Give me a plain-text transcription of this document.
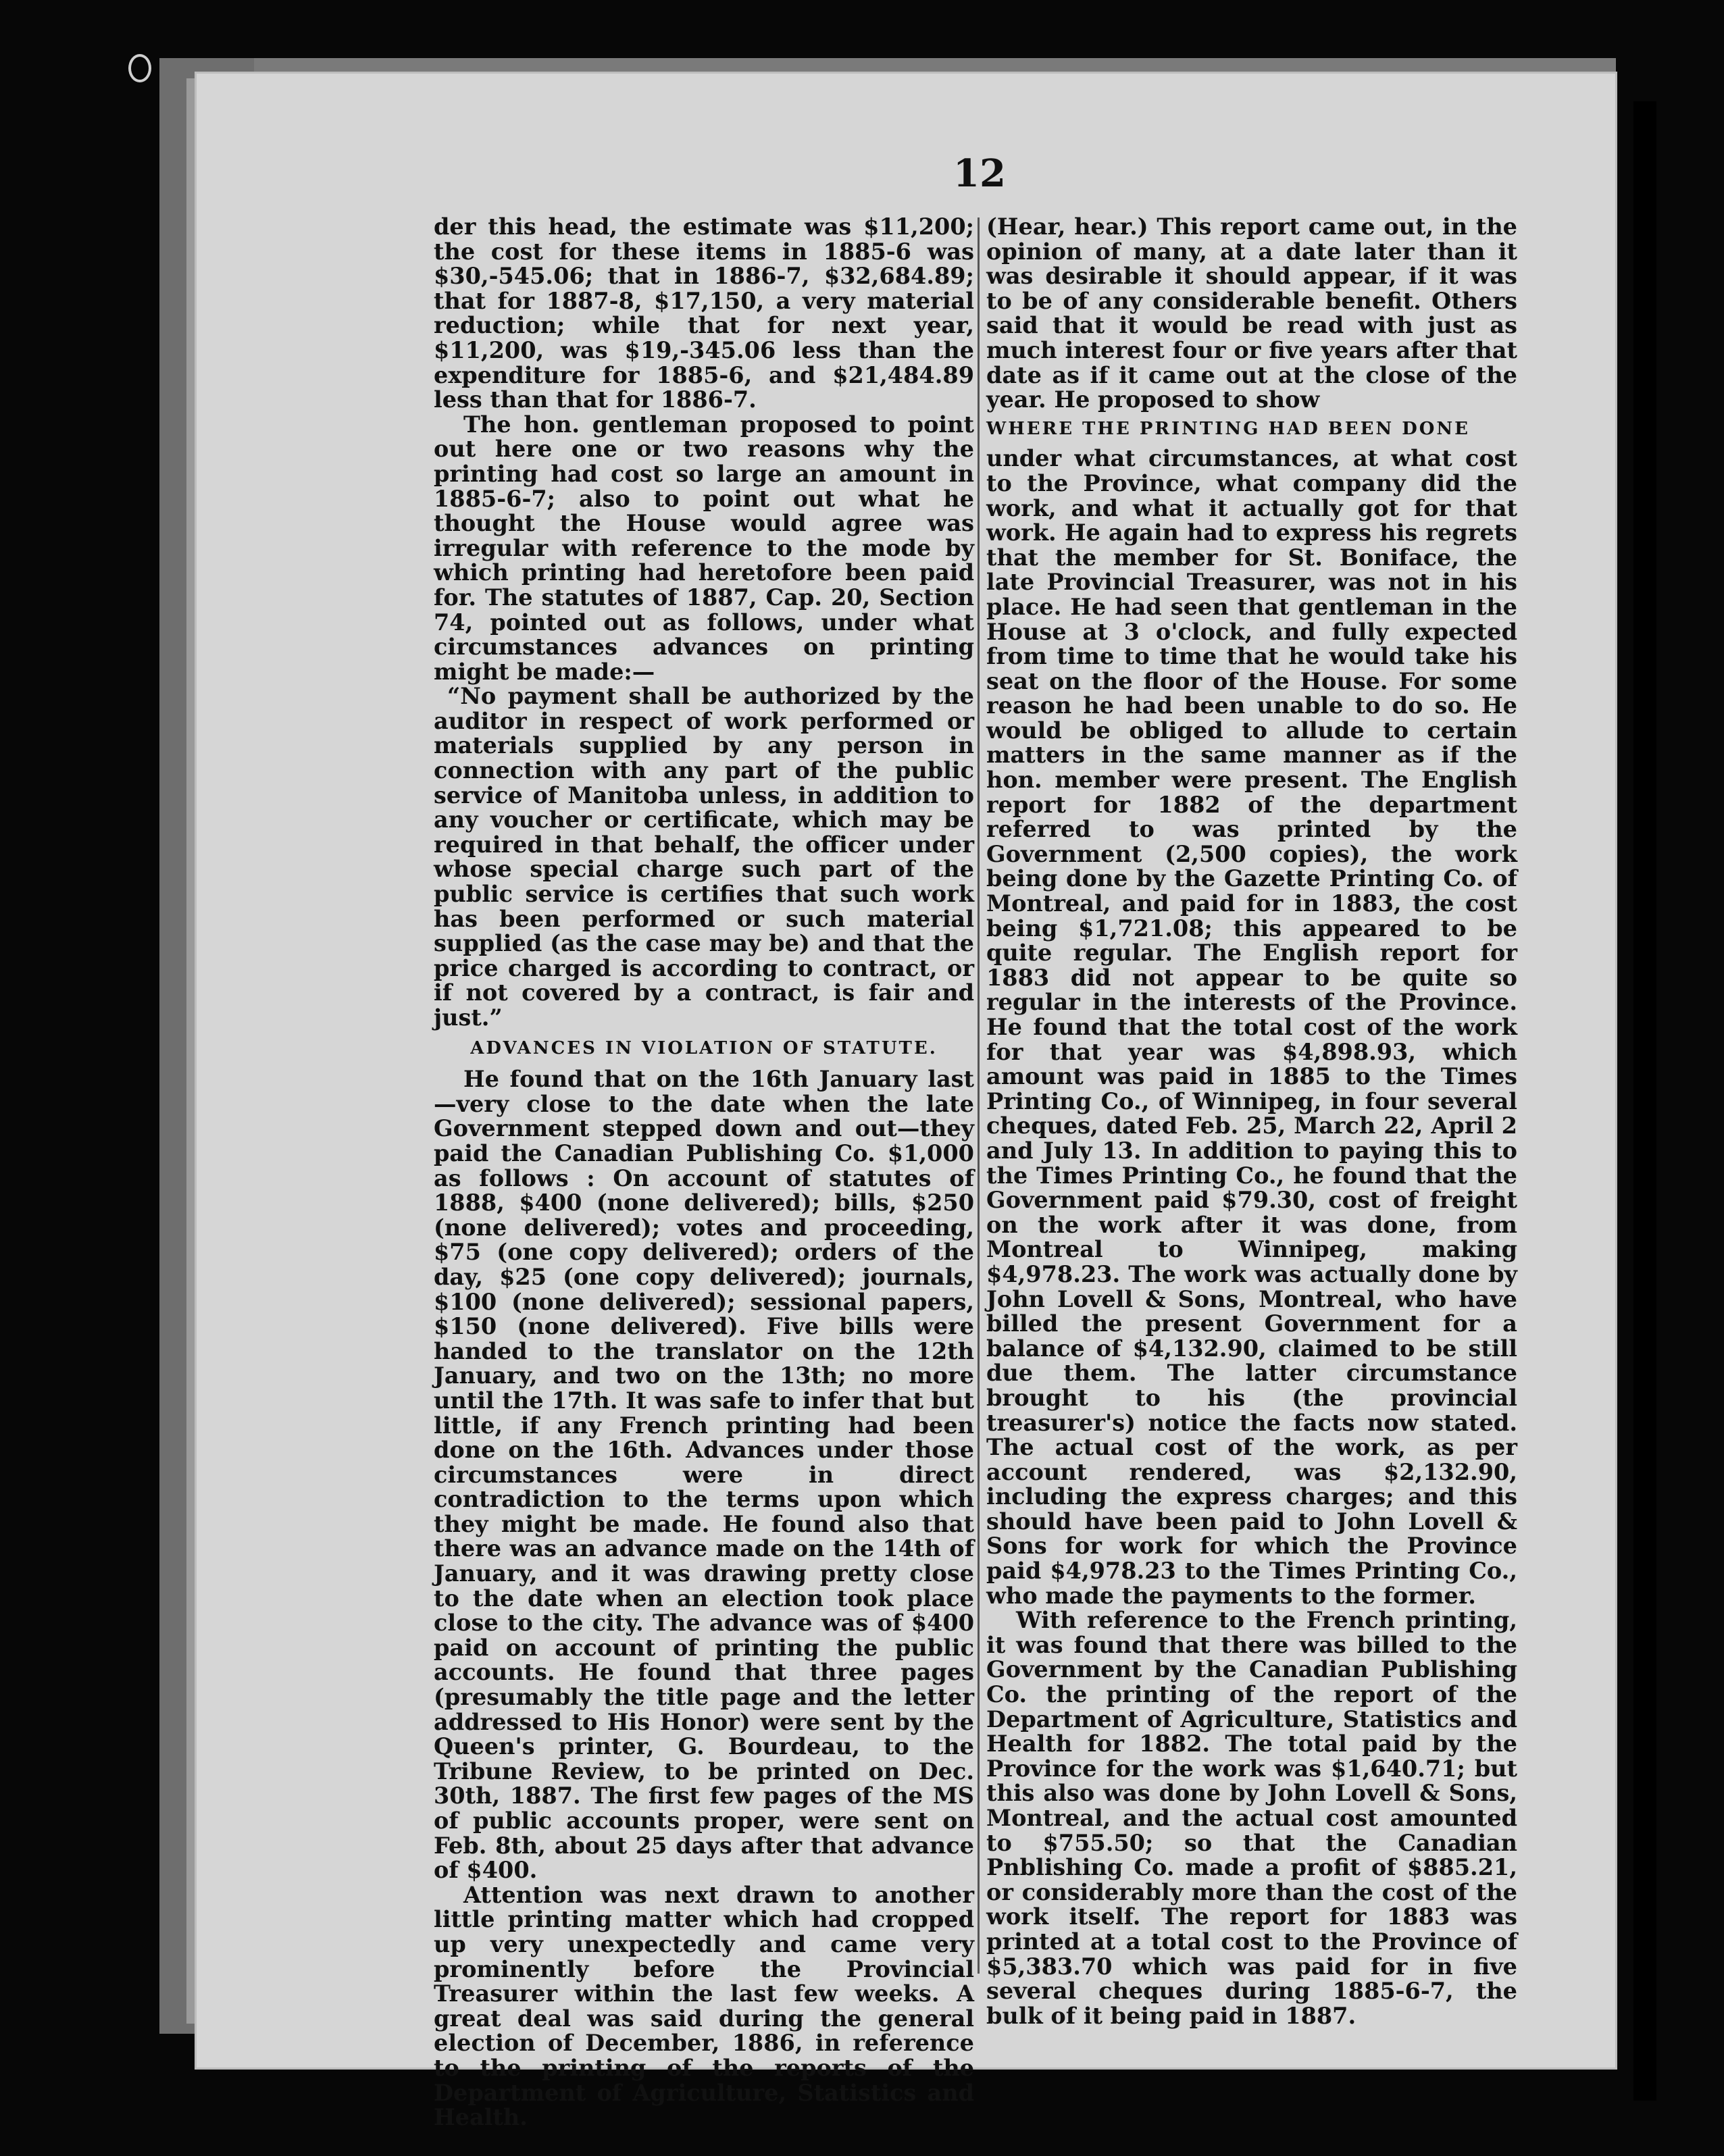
12

der this head, the estimate was $11,200; the cost for these items in 1885-6 was $30,-545.06; that in 1886-7, $32,684.89; that for 1887-8, $17,150, a very material reduction; while that for next year, $11,200, was $19,-345.06 less than the expenditure for 1885-6, and $21,484.89 less than that for 1886-7.

The hon. gentleman proposed to point out here one or two reasons why the printing had cost so large an amount in 1885-6-7; also to point out what he thought the House would agree was irregular with reference to the mode by which printing had heretofore been paid for. The statutes of 1887, Cap. 20, Section 74, pointed out as follows, under what circumstances advances on printing might be made:—

“No payment shall be authorized by the auditor in respect of work performed or materials supplied by any person in connection with any part of the public service of Manitoba unless, in addition to any voucher or certificate, which may be required in that behalf, the officer under whose special charge such part of the public service is certifies that such work has been performed or such material supplied (as the case may be) and that the price charged is according to contract, or if not covered by a contract, is fair and just.”

ADVANCES IN VIOLATION OF STATUTE.

He found that on the 16th January last —very close to the date when the late Government stepped down and out—they paid the Canadian Publishing Co. $1,000 as follows : On account of statutes of 1888, $400 (none delivered); bills, $250 (none delivered); votes and proceeding, $75 (one copy delivered); orders of the day, $25 (one copy delivered); journals, $100 (none delivered); sessional papers, $150 (none delivered). Five bills were handed to the translator on the 12th January, and two on the 13th; no more until the 17th. It was safe to infer that but little, if any French printing had been done on the 16th. Advances under those circumstances were in direct contradiction to the terms upon which they might be made. He found also that there was an advance made on the 14th of January, and it was drawing pretty close to the date when an election took place close to the city. The advance was of $400 paid on account of printing the public accounts. He found that three pages (presumably the title page and the letter addressed to His Honor) were sent by the Queen's printer, G. Bourdeau, to the Tribune Review, to be printed on Dec. 30th, 1887. The first few pages of the MS of public accounts proper, were sent on Feb. 8th, about 25 days after that advance of $400.

Attention was next drawn to another little printing matter which had cropped up very unexpectedly and came very prominently before the Provincial Treasurer within the last few weeks. A great deal was said during the general election of December, 1886, in reference to the printing of the reports of the Department of Agriculture, Statistics and Health.

(Hear, hear.) This report came out, in the opinion of many, at a date later than it was desirable it should appear, if it was to be of any considerable benefit. Others said that it would be read with just as much interest four or five years after that date as if it came out at the close of the year. He proposed to show

WHERE THE PRINTING HAD BEEN DONE

under what circumstances, at what cost to the Province, what company did the work, and what it actually got for that work. He again had to express his regrets that the member for St. Boniface, the late Provincial Treasurer, was not in his place. He had seen that gentleman in the House at 3 o'clock, and fully expected from time to time that he would take his seat on the floor of the House. For some reason he had been unable to do so. He would be obliged to allude to certain matters in the same manner as if the hon. member were present. The English report for 1882 of the department referred to was printed by the Government (2,500 copies), the work being done by the Gazette Printing Co. of Montreal, and paid for in 1883, the cost being $1,721.08; this appeared to be quite regular. The English report for 1883 did not appear to be quite so regular in the interests of the Province. He found that the total cost of the work for that year was $4,898.93, which amount was paid in 1885 to the Times Printing Co., of Winnipeg, in four several cheques, dated Feb. 25, March 22, April 2 and July 13. In addition to paying this to the Times Printing Co., he found that the Government paid $79.30, cost of freight on the work after it was done, from Montreal to Winnipeg, making $4,978.23. The work was actually done by John Lovell & Sons, Montreal, who have billed the present Government for a balance of $4,132.90, claimed to be still due them. The latter circumstance brought to his (the provincial treasurer's) notice the facts now stated. The actual cost of the work, as per account rendered, was $2,132.90, including the express charges; and this should have been paid to John Lovell & Sons for work for which the Province paid $4,978.23 to the Times Printing Co., who made the payments to the former.

With reference to the French printing, it was found that there was billed to the Government by the Canadian Publishing Co. the printing of the report of the Department of Agriculture, Statistics and Health for 1882. The total paid by the Province for the work was $1,640.71; but this also was done by John Lovell & Sons, Montreal, and the actual cost amounted to $755.50; so that the Canadian Pnblishing Co. made a profit of $885.21, or considerably more than the cost of the work itself. The report for 1883 was printed at a total cost to the Province of $5,383.70 which was paid for in five several cheques during 1885-6-7, the bulk of it being paid in 1887.
